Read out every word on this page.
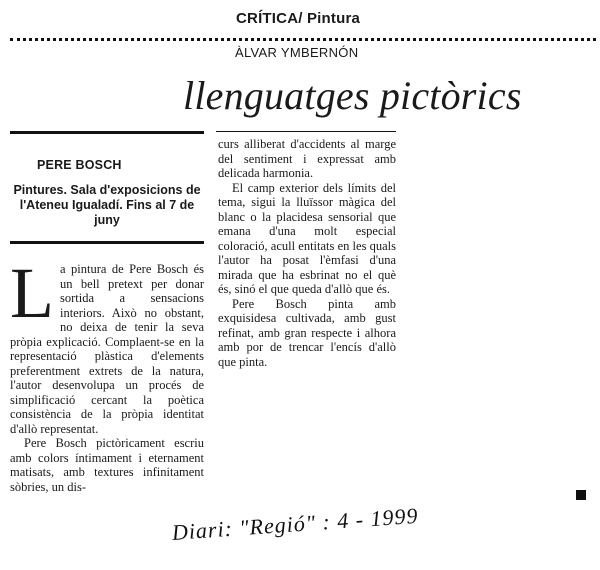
CRÍTICA/ Pintura
ÀLVAR YMBERNÓN
llenguatges pictòrics
PERE BOSCH
Pintures. Sala d'exposicions de l'Ateneu Igualadí. Fins al 7 de juny

La pintura de Pere Bosch és un bell pretext per donar sortida a sensacions interiors. Això no obstant, no deixa de tenir la seva pròpia explicació. Complaent-se en la representació plàstica d'elements preferentment extrets de la natura, l'autor desenvolupa un procés de simplificació cercant la poètica consistència de la pròpia identitat d'allò representat.

Pere Bosch pictòricament escriu amb colors íntimament i eternament matisats, amb textures infinitament sòbries, un dis-

curs alliberat d'accidents al marge del sentiment i expressat amb delicada harmonia.

El camp exterior dels límits del tema, sigui la lluïssor màgica del blanc o la placidesa sensorial que emana d'una molt especial coloració, acull entitats en les quals l'autor ha posat l'èmfasi d'una mirada que ha esbrinat no el què és, sinó el que queda d'allò que és.

Pere Bosch pinta amb exquisidesa cultivada, amb gust refinat, amb gran respecte i alhora amb por de trencar l'encís d'allò que pinta.

Diari: "Regió" : 4 - 1999
